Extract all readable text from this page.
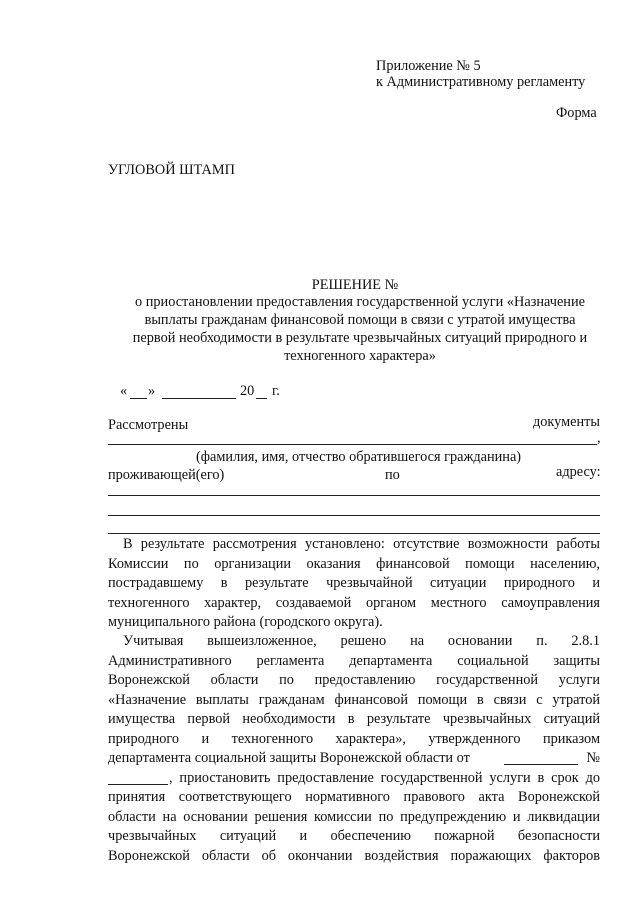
Приложение № 5
к Административному регламенту
Форма
УГЛОВОЙ ШТАМП
РЕШЕНИЕ №
о приостановлении предоставления государственной услуги «Назначение
выплаты гражданам финансовой помощи в связи с утратой имущества
первой необходимости в результате чрезвычайных ситуаций природного и
техногенного характера»
« »	20 г.
Рассмотрены	документы
,
(фамилия, имя, отчество обратившегося гражданина)
проживающей(его)	по	адресу:
В результате рассмотрения установлено: отсутствие возможности работы
Комиссии по организации оказания финансовой помощи населению,
пострадавшему в результате чрезвычайной ситуации природного и
техногенного характер, создаваемой органом местного самоуправления
муниципального района (городского округа).
Учитывая вышеизложенное, решено на основании п. 2.8.1
Административного регламента департамента социальной защиты
Воронежской области по предоставлению государственной услуги
«Назначение выплаты гражданам финансовой помощи в связи с утратой
имущества первой необходимости в результате чрезвычайных ситуаций
природного и техногенного характера», утвержденного приказом
департамента социальной защиты Воронежской области от	№
, приостановить предоставление государственной услуги в срок до
принятия соответствующего нормативного правового акта Воронежской
области на основании решения комиссии по предупреждению и ликвидации
чрезвычайных ситуаций и обеспечению пожарной безопасности
Воронежской области об окончании воздействия поражающих факторов
